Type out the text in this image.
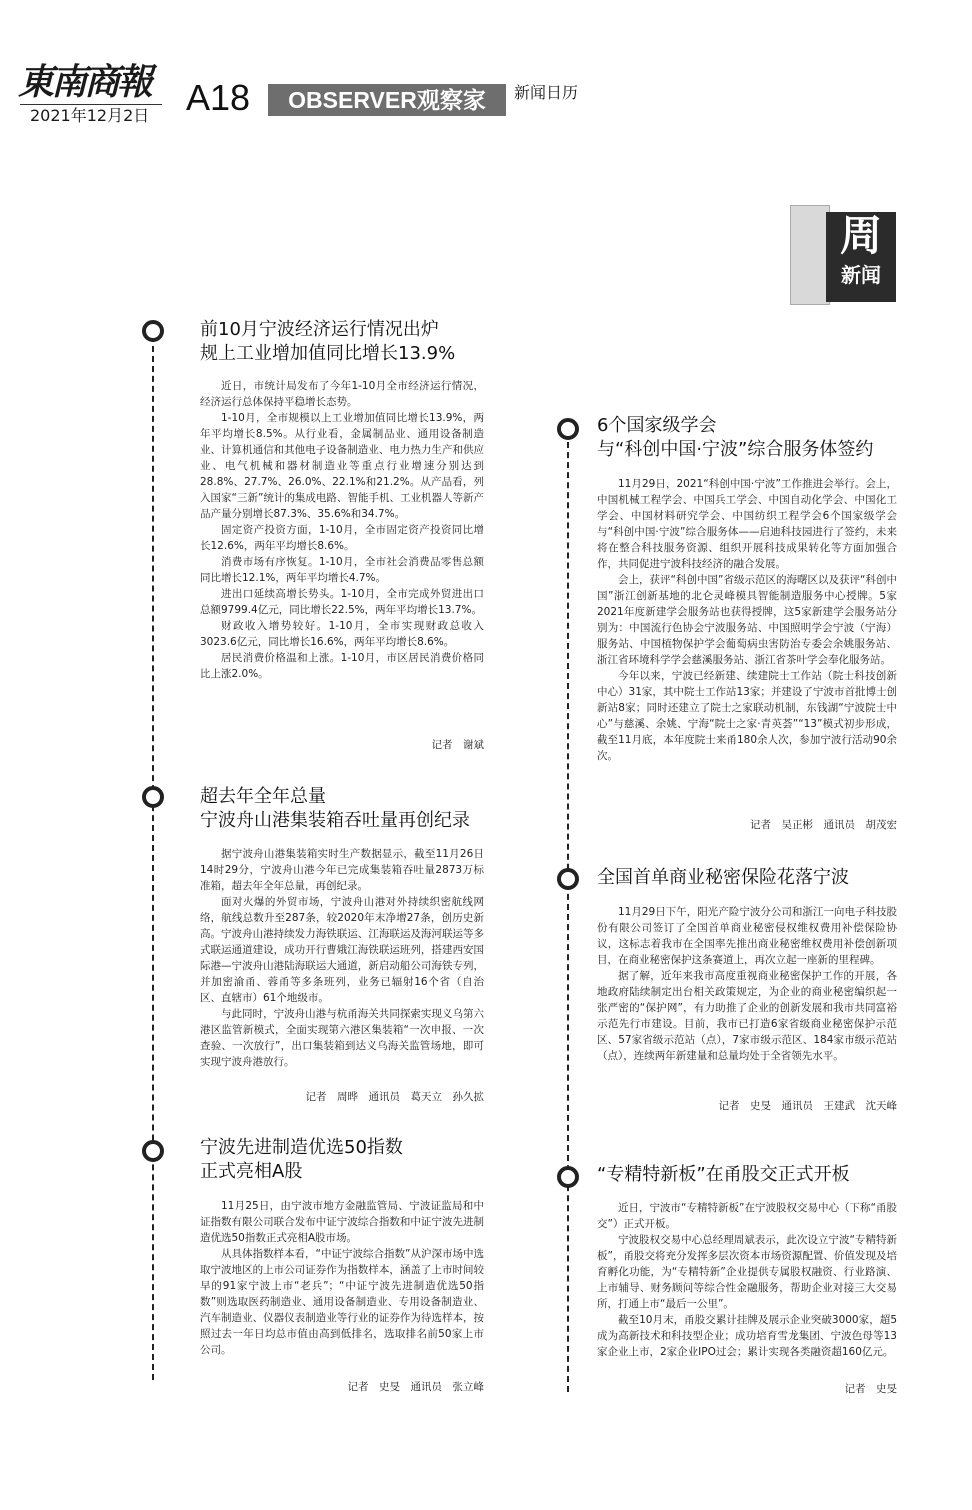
東南商報
2021年12月2日 A18	OBSERVER观察家	新闻日历
周
新闻
前10月宁波经济运行情况出炉
规上工业增加值同比增长13.9%

近日，市统计局发布了今年1-10月全市经济运行情况，经济运行总体保持平稳增长态势。

1-10月，全市规模以上工业增加值同比增长13.9%，两年平均增长8.5%。从行业看，金属制品业、通用设备制造业、计算机通信和其他电子设备制造业、电力热力生产和供应业、电气机械和器材制造业等重点行业增速分别达到28.8%、27.7%、26.0%、22.1%和21.2%。从产品看，列入国家“三新”统计的集成电路、智能手机、工业机器人等新产品产量分别增长87.3%、35.6%和34.7%。

固定资产投资方面，1-10月，全市固定资产投资同比增长12.6%，两年平均增长8.6%。

消费市场有序恢复。1-10月，全市社会消费品零售总额同比增长12.1%，两年平均增长4.7%。

进出口延续高增长势头。1-10月，全市完成外贸进出口总额9799.4亿元，同比增长22.5%，两年平均增长13.7%。

财政收入增势较好。1-10月，全市实现财政总收入3023.6亿元，同比增长16.6%，两年平均增长8.6%。

居民消费价格温和上涨。1-10月，市区居民消费价格同比上涨2.0%。

记者　谢斌
超去年全年总量
宁波舟山港集装箱吞吐量再创纪录

据宁波舟山港集装箱实时生产数据显示，截至11月26日14时29分，宁波舟山港今年已完成集装箱吞吐量2873万标准箱，超去年全年总量，再创纪录。

面对火爆的外贸市场，宁波舟山港对外持续织密航线网络，航线总数升至287条，较2020年末净增27条，创历史新高。宁波舟山港持续发力海铁联运、江海联运及海河联运等多式联运通道建设，成功开行曹娥江海铁联运班列，搭建西安国际港—宁波舟山港陆海联运大通道，新启动船公司海铁专列，并加密渝甬、蓉甬等多条班列，业务已辐射16个省（自治区、直辖市）61个地级市。

与此同时，宁波舟山港与杭甬海关共同探索实现义乌第六港区监管新模式，全面实现第六港区集装箱“一次申报、一次查验、一次放行”，出口集装箱到达义乌海关监管场地，即可实现宁波舟港放行。

记者　周晔　通讯员　葛天立　孙久拡
宁波先进制造优选50指数
正式亮相A股

11月25日，由宁波市地方金融监管局、宁波证监局和中证指数有限公司联合发布中证宁波综合指数和中证宁波先进制造优选50指数正式亮相A股市场。

从具体指数样本看，“中证宁波综合指数”从沪深市场中选取宁波地区的上市公司证券作为指数样本，涵盖了上市时间较早的91家宁波上市“老兵”；“中证宁波先进制造优选50指数”则选取医药制造业、通用设备制造业、专用设备制造业、汽车制造业、仪器仪表制造业等行业的证券作为待选样本，按照过去一年日均总市值由高到低排名，选取排名前50家上市公司。

记者　史旻　通讯员　张立峰
6个国家级学会
与“科创中国·宁波”综合服务体签约

11月29日，2021“科创中国·宁波”工作推进会举行。会上，中国机械工程学会、中国兵工学会、中国自动化学会、中国化工学会、中国材料研究学会、中国纺织工程学会6个国家级学会与“科创中国·宁波”综合服务体——启迪科技园进行了签约，未来将在整合科技服务资源、组织开展科技成果转化等方面加强合作，共同促进宁波科技经济的融合发展。

会上，获评“科创中国”省级示范区的海曙区以及获评“科创中国”浙江创新基地的北仑灵峰模具智能制造服务中心授牌。5家2021年度新建学会服务站也获得授牌，这5家新建学会服务站分别为：中国流行色协会宁波服务站、中国照明学会宁波（宁海）服务站、中国植物保护学会葡萄病虫害防治专委会余姚服务站、浙江省环境科学学会慈溪服务站、浙江省茶叶学会奉化服务站。

今年以来，宁波已经新建、续建院士工作站（院士科技创新中心）31家，其中院士工作站13家；并建设了宁波市首批博士创新站8家；同时还建立了院士之家联动机制，东钱湖“宁波院士中心”与慈溪、余姚、宁海“院士之家·青英荟”“13”模式初步形成，截至11月底，本年度院士来甬180余人次，参加宁波行活动90余次。

记者　吴正彬　通讯员　胡茂宏
全国首单商业秘密保险花落宁波

11月29日下午，阳光产险宁波分公司和浙江一向电子科技股份有限公司签订了全国首单商业秘密侵权维权费用补偿保险协议，这标志着我市在全国率先推出商业秘密维权费用补偿创新项目，在商业秘密保护这条赛道上，再次立起一座新的里程碑。

据了解，近年来我市高度重视商业秘密保护工作的开展，各地政府陆续制定出台相关政策规定，为企业的商业秘密编织起一张严密的“保护网”，有力助推了企业的创新发展和我市共同富裕示范先行市建设。目前，我市已打造6家省级商业秘密保护示范区、57家省级示范站（点），7家市级示范区、184家市级示范站（点），连续两年新建量和总量均处于全省领先水平。

记者　史旻　通讯员　王建武　沈天峰
“专精特新板”在甬股交正式开板

近日，宁波市“专精特新板”在宁波股权交易中心（下称“甬股交”）正式开板。

宁波股权交易中心总经理周斌表示，此次设立宁波“专精特新板”，甬股交将充分发挥多层次资本市场资源配置、价值发现及培育孵化功能，为“专精特新”企业提供专属股权融资、行业路演、上市辅导、财务顾问等综合性金融服务，帮助企业对接三大交易所，打通上市“最后一公里”。

截至10月末，甬股交累计挂牌及展示企业突破3000家，超5成为高新技术和科技型企业；成功培育雪龙集团、宁波色母等13家企业上市，2家企业IPO过会；累计实现各类融资超160亿元。

记者　史旻
